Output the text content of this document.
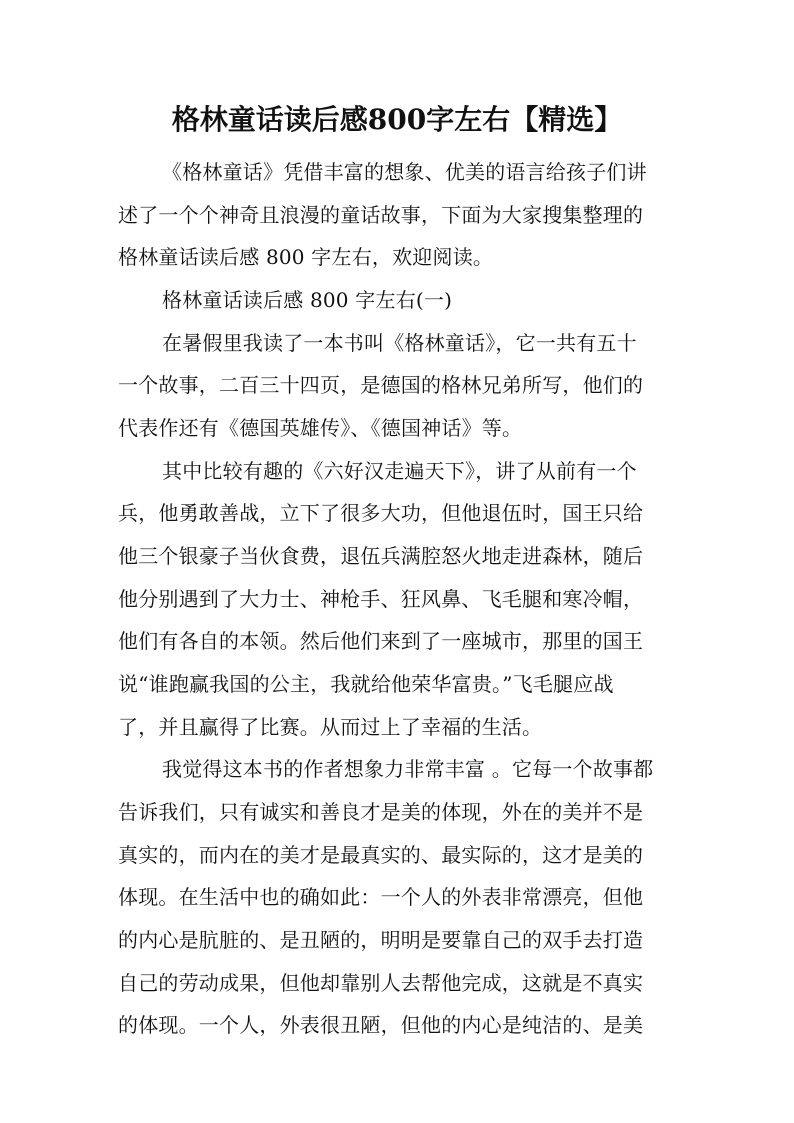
格林童话读后感800字左右【精选】
《格林童话》凭借丰富的想象、优美的语言给孩子们讲
述了一个个神奇且浪漫的童话故事，下面为大家搜集整理的
格林童话读后感 800 字左右，欢迎阅读。
格林童话读后感 800 字左右(一)
在暑假里我读了一本书叫《格林童话》，它一共有五十
一个故事，二百三十四页，是德国的格林兄弟所写，他们的
代表作还有《德国英雄传》、《德国神话》等。
其中比较有趣的《六好汉走遍天下》，讲了从前有一个
兵，他勇敢善战，立下了很多大功，但他退伍时，国王只给
他三个银豪子当伙食费，退伍兵满腔怒火地走进森林，随后
他分别遇到了大力士、神枪手、狂风鼻、飞毛腿和寒冷帽，
他们有各自的本领。然后他们来到了一座城市，那里的国王
说“谁跑赢我国的公主，我就给他荣华富贵。”飞毛腿应战
了，并且赢得了比赛。从而过上了幸福的生活。
我觉得这本书的作者想象力非常丰富 。它每一个故事都
告诉我们，只有诚实和善良才是美的体现，外在的美并不是
真实的，而内在的美才是最真实的、最实际的，这才是美的
体现。在生活中也的确如此：一个人的外表非常漂亮，但他
的内心是肮脏的、是丑陋的，明明是要靠自己的双手去打造
自己的劳动成果，但他却靠别人去帮他完成，这就是不真实
的体现。一个人，外表很丑陋，但他的内心是纯洁的、是美
